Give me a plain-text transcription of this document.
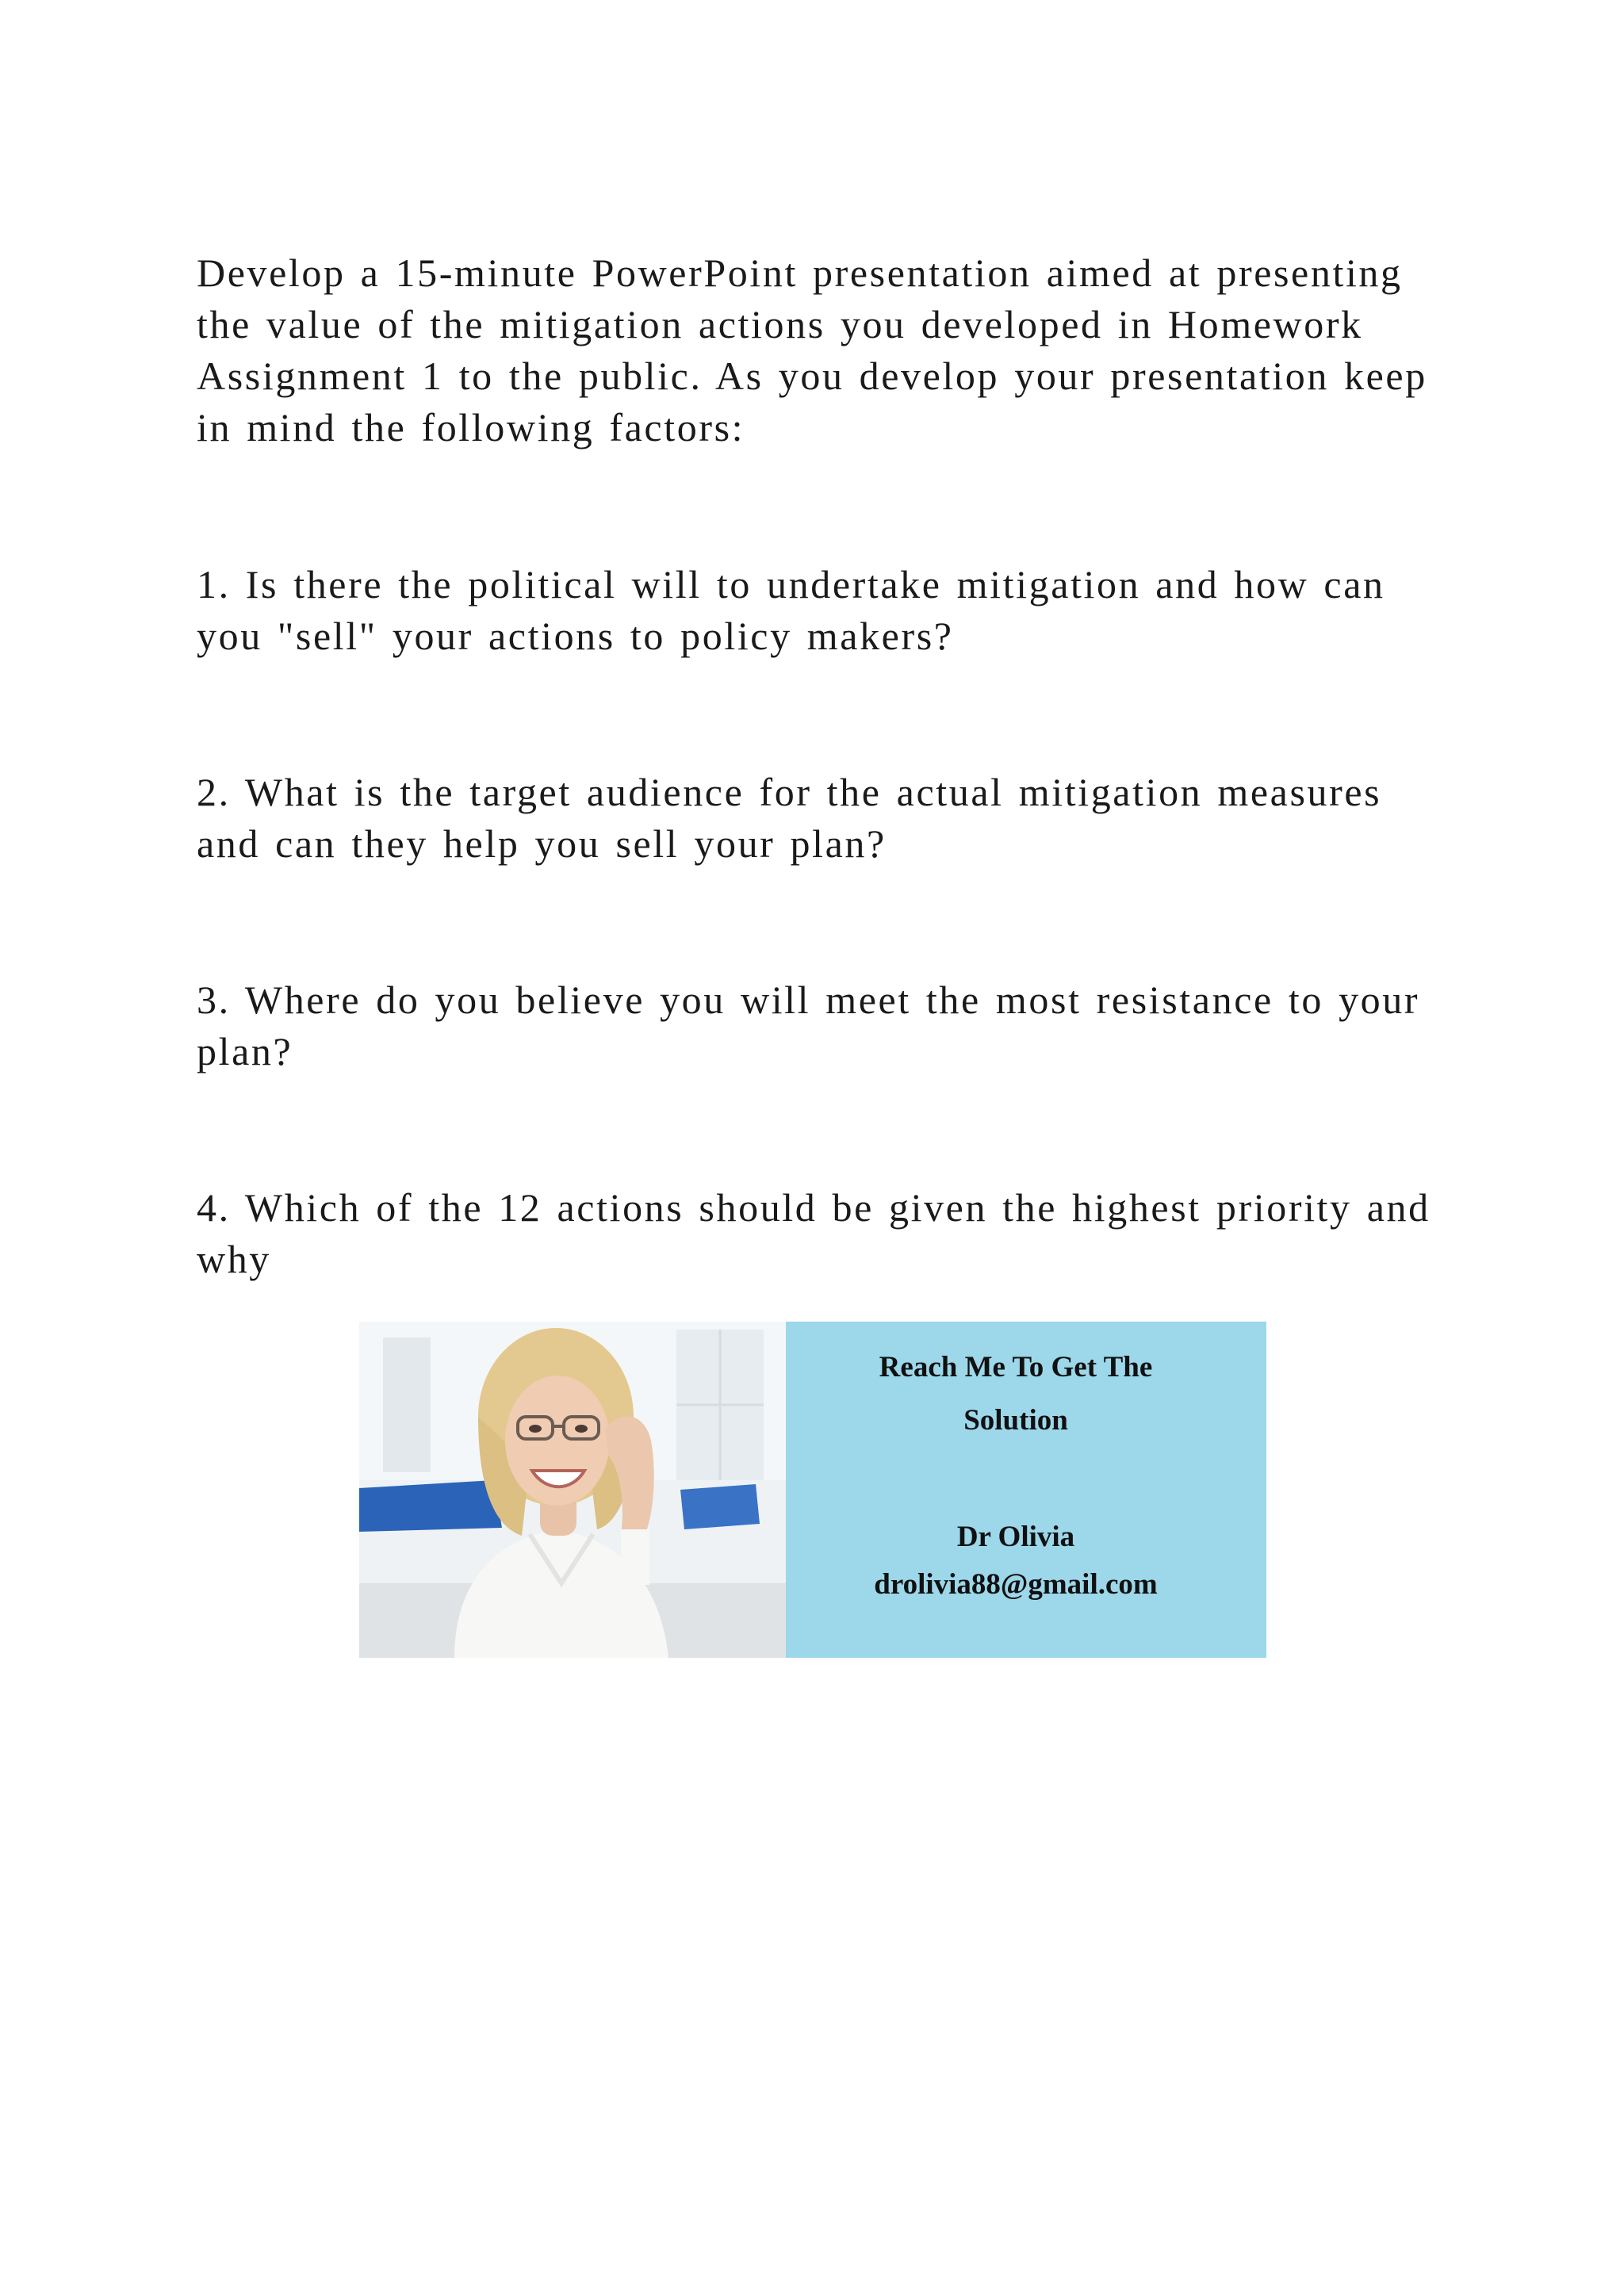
Develop a 15-minute PowerPoint presentation aimed at presenting the value of the mitigation actions you developed in Homework Assignment 1 to the public. As you develop your presentation keep in mind the following factors:

1. Is there the political will to undertake mitigation and how can you "sell" your actions to policy makers?

2. What is the target audience for the actual mitigation measures and can they help you sell your plan?

3. Where do you believe you will meet the most resistance to your plan?

4. Which of the 12 actions should be given the highest priority and why

Reach Me To Get The
Solution
Dr Olivia
drolivia88@gmail.com
